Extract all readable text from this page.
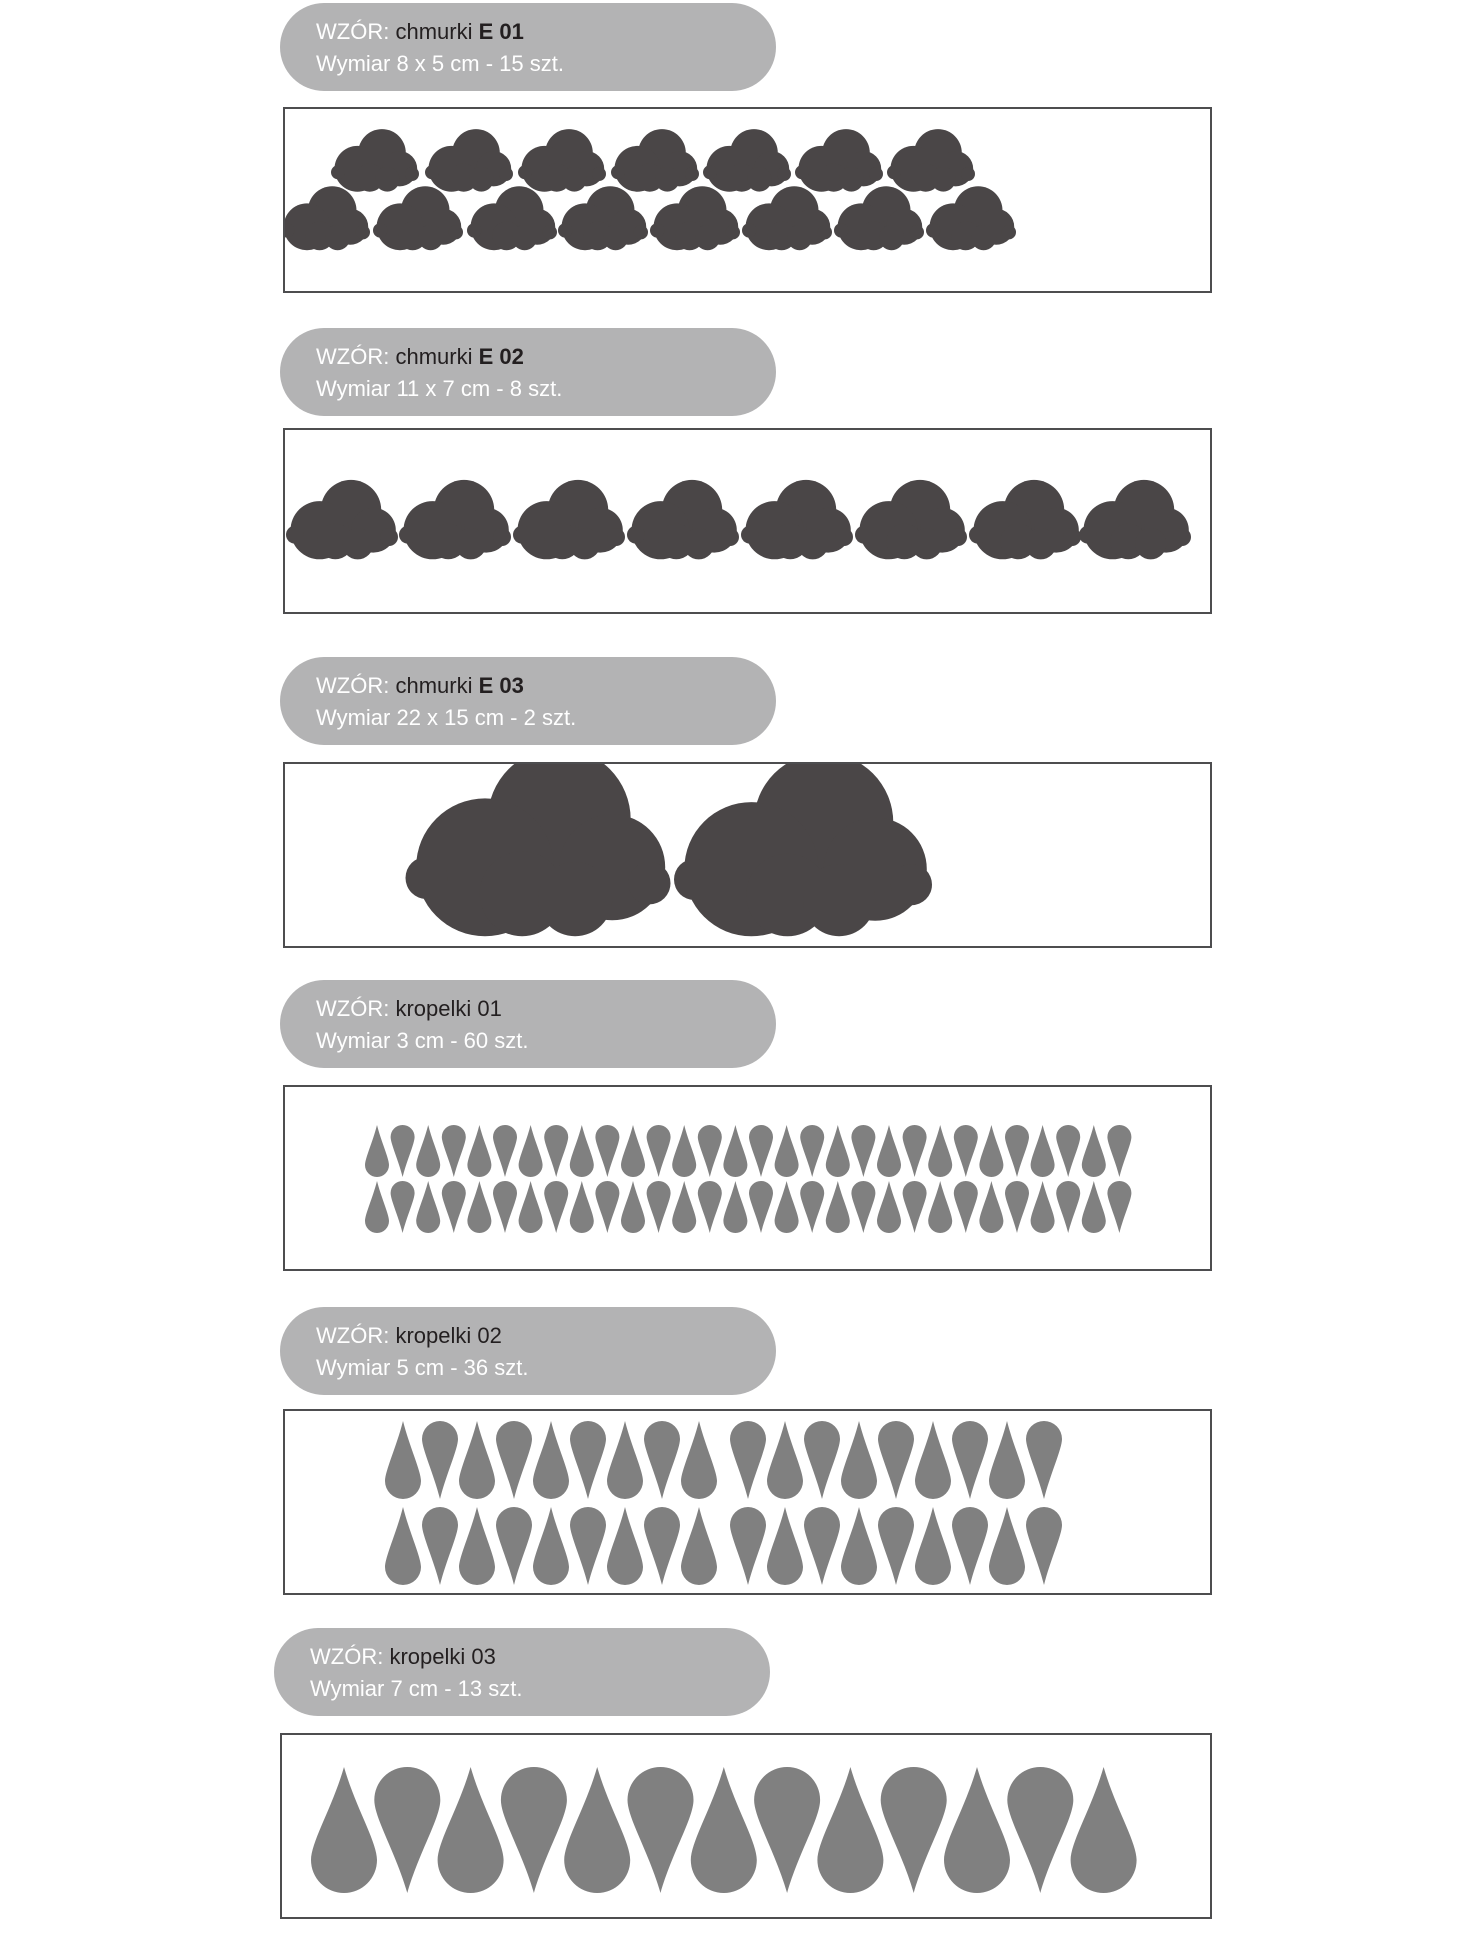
WZÓR: chmurki E 01
Wymiar 8 x 5 cm - 15 szt.
WZÓR: chmurki E 02
Wymiar 11 x 7 cm - 8 szt.
WZÓR: chmurki E 03
Wymiar 22 x 15 cm - 2 szt.
WZÓR: kropelki 01
Wymiar 3 cm - 60 szt.
WZÓR: kropelki 02
Wymiar 5 cm - 36 szt.
WZÓR: kropelki 03
Wymiar 7 cm - 13 szt.
